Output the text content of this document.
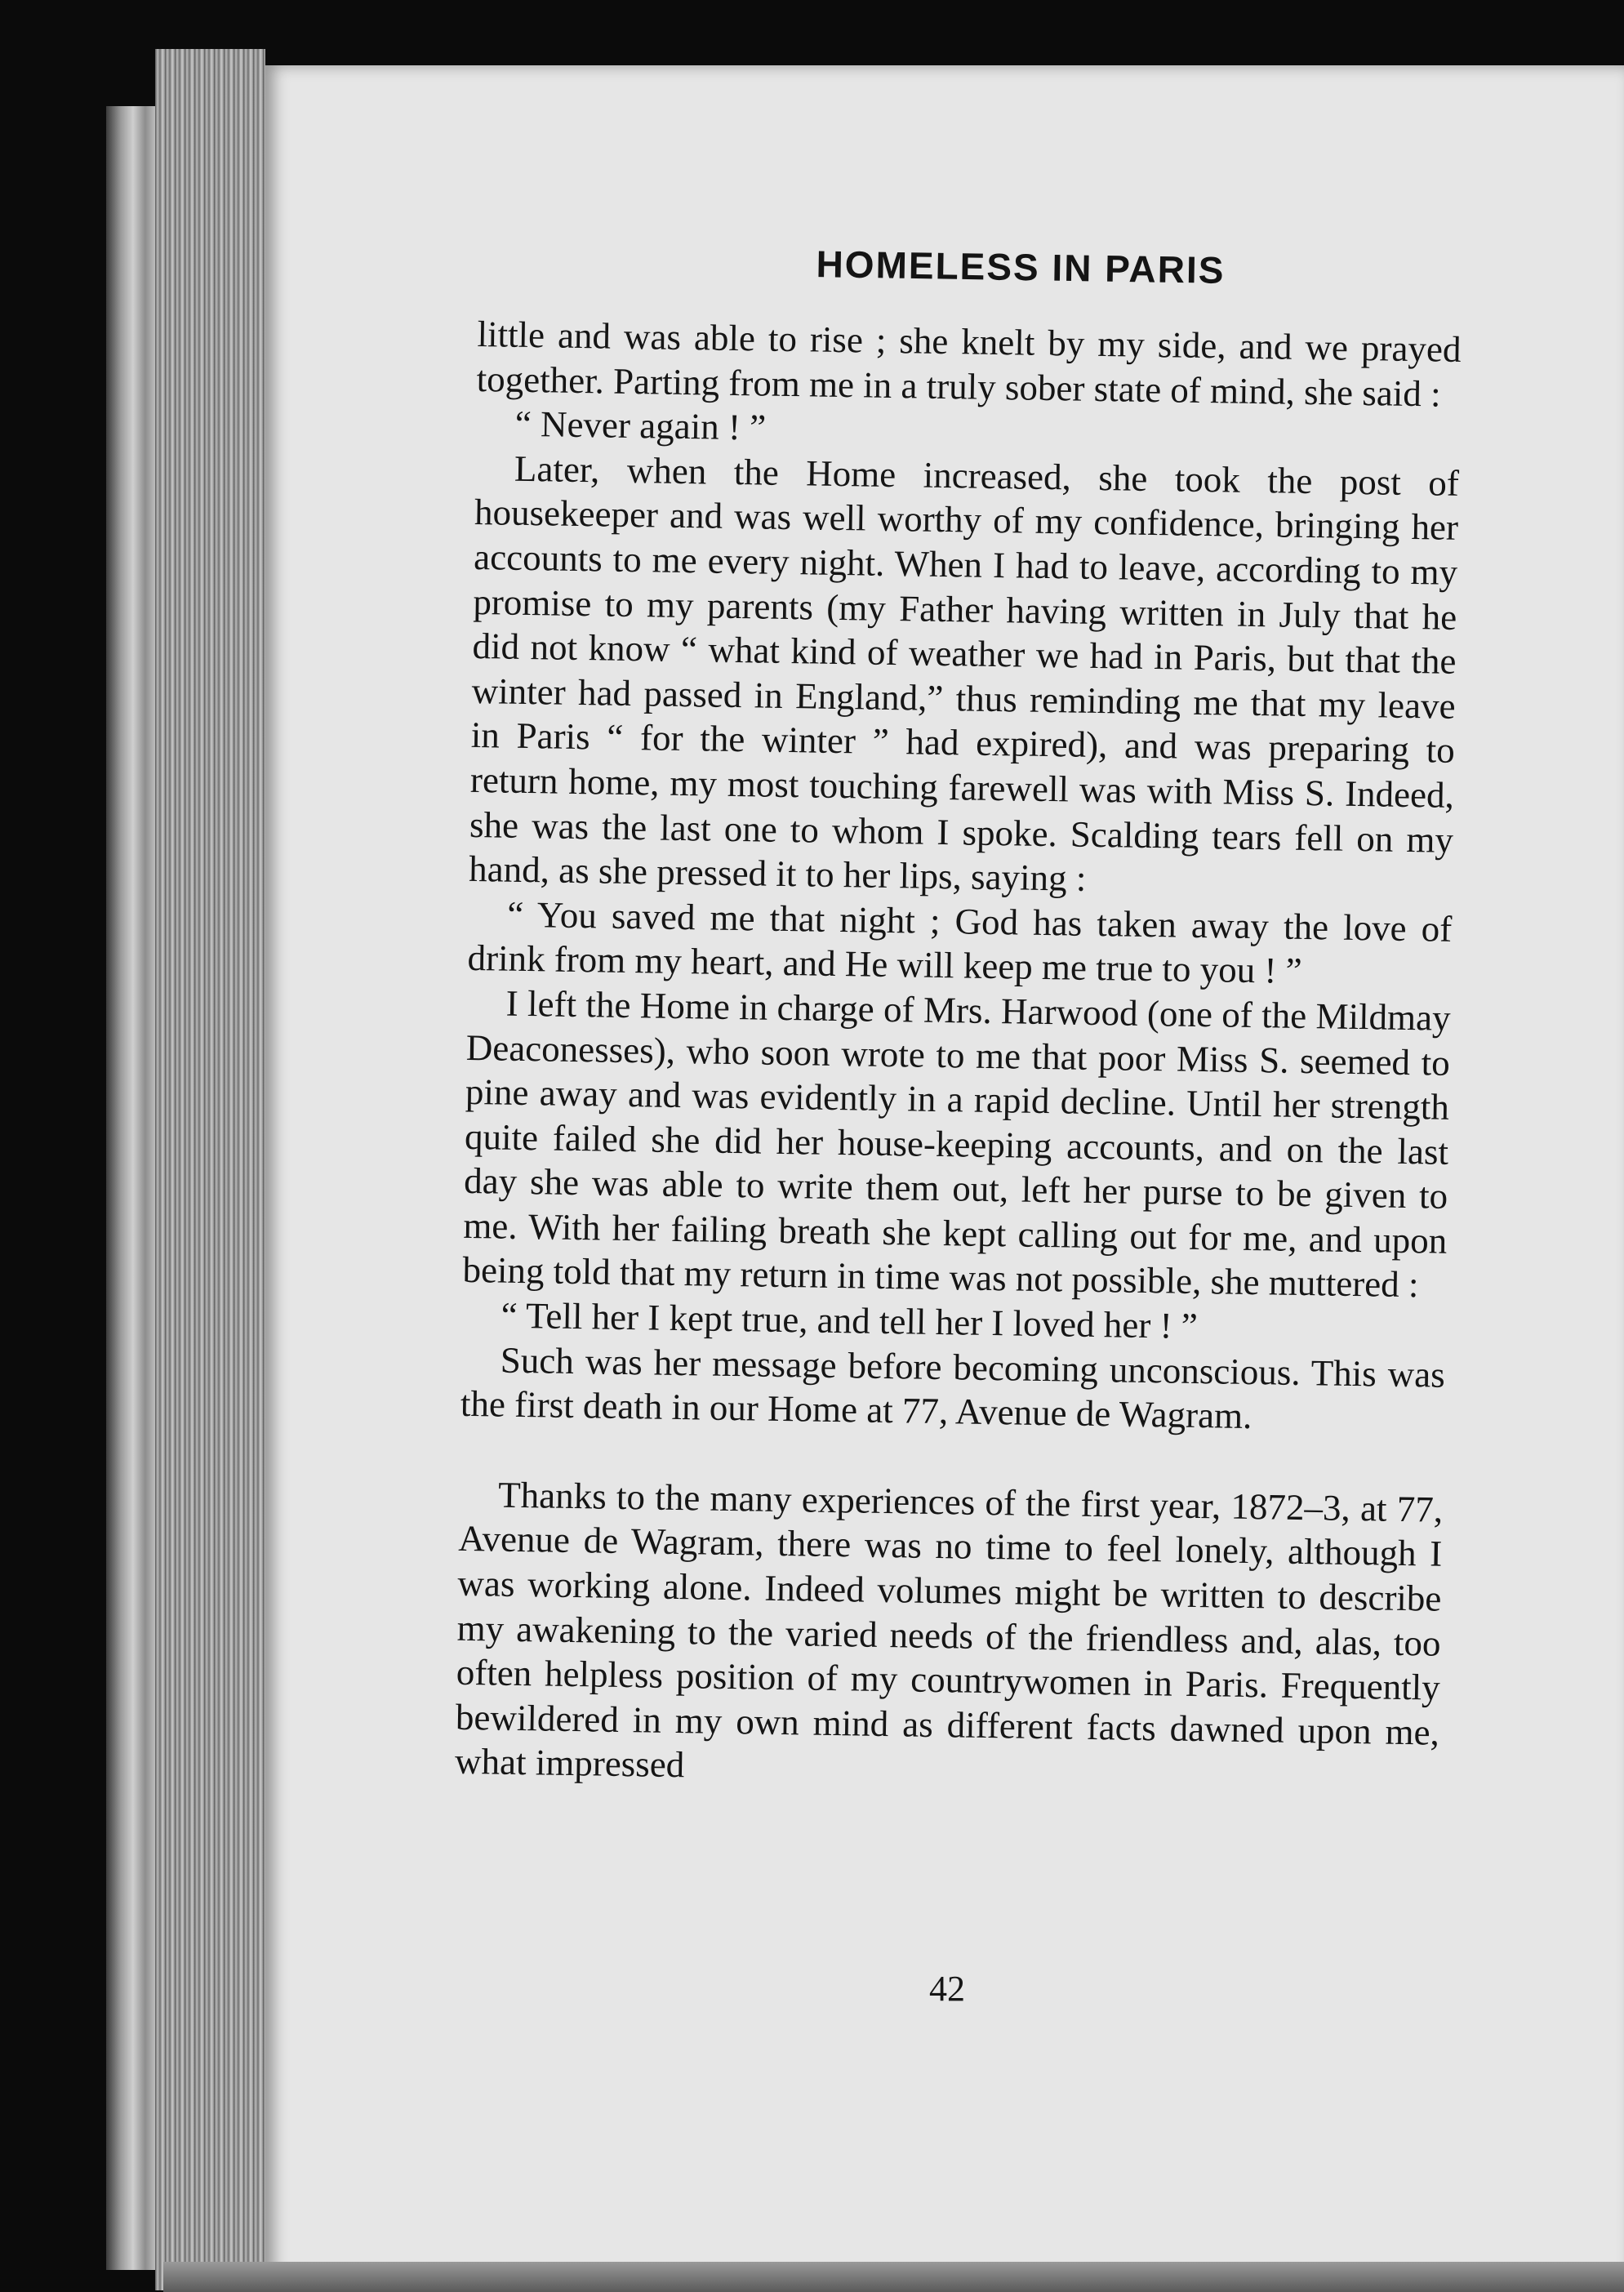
HOMELESS IN PARIS

little and was able to rise ; she knelt by my side, and we prayed together. Parting from me in a truly sober state of mind, she said :

“ Never again ! ”

Later, when the Home increased, she took the post of housekeeper and was well worthy of my confidence, bringing her accounts to me every night. When I had to leave, according to my promise to my parents (my Father having written in July that he did not know “ what kind of weather we had in Paris, but that the winter had passed in England,” thus reminding me that my leave in Paris “ for the winter ” had expired), and was preparing to return home, my most touching farewell was with Miss S. Indeed, she was the last one to whom I spoke. Scalding tears fell on my hand, as she pressed it to her lips, saying :

“ You saved me that night ; God has taken away the love of drink from my heart, and He will keep me true to you ! ”

I left the Home in charge of Mrs. Harwood (one of the Mildmay Deaconesses), who soon wrote to me that poor Miss S. seemed to pine away and was evidently in a rapid decline. Until her strength quite failed she did her house-keeping accounts, and on the last day she was able to write them out, left her purse to be given to me. With her failing breath she kept calling out for me, and upon being told that my return in time was not possible, she muttered :

“ Tell her I kept true, and tell her I loved her ! ”

Such was her message before becoming unconscious. This was the first death in our Home at 77, Avenue de Wagram.

Thanks to the many experiences of the first year, 1872–3, at 77, Avenue de Wagram, there was no time to feel lonely, although I was working alone. Indeed volumes might be written to describe my awakening to the varied needs of the friendless and, alas, too often helpless position of my countrywomen in Paris. Frequently bewildered in my own mind as different facts dawned upon me, what impressed

42
